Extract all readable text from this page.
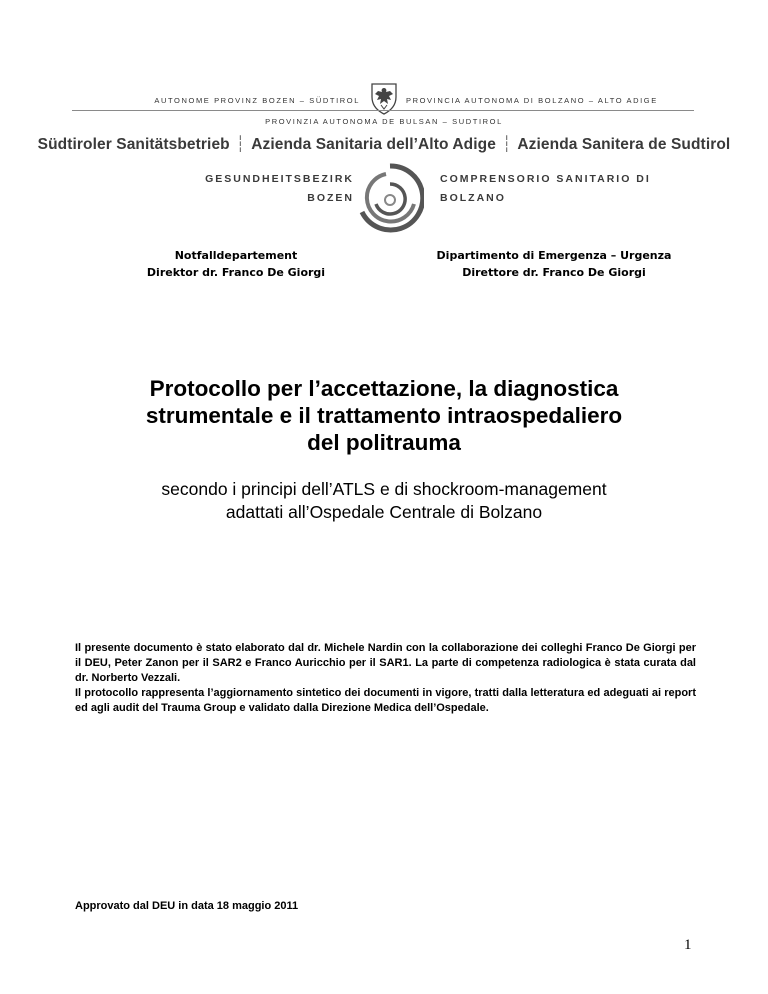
AUTONOME PROVINZ BOZEN – SÜDTIROL	PROVINCIA AUTONOMA DI BOLZANO – ALTO ADIGE
PROVINZIA AUTONOMA DE BULSAN – SUDTIROL
Südtiroler Sanitätsbetrieb ┆ Azienda Sanitaria dell’Alto Adige ┆ Azienda Sanitera de Sudtirol
GESUNDHEITSBEZIRK
BOZEN
COMPRENSORIO SANITARIO DI
BOLZANO
Notfalldepartement
Direktor dr. Franco De Giorgi
Dipartimento di Emergenza – Urgenza
Direttore dr. Franco De Giorgi
Protocollo per l’accettazione, la diagnostica
strumentale e il trattamento intraospedaliero
del politrauma
secondo i principi dell’ATLS e di shockroom-management
adattati all’Ospedale Centrale di Bolzano

Il presente documento è stato elaborato dal dr. Michele Nardin con la collaborazione dei colleghi Franco De Giorgi per il DEU, Peter Zanon per il SAR2 e Franco Auricchio per il SAR1. La parte di competenza radiologica è stata curata dal dr. Norberto Vezzali.

Il protocollo rappresenta l’aggiornamento sintetico dei documenti in vigore, tratti dalla letteratura ed adeguati ai report ed agli audit del Trauma Group e validato dalla Direzione Medica dell’Ospedale.

Approvato dal DEU in data 18 maggio 2011
1
